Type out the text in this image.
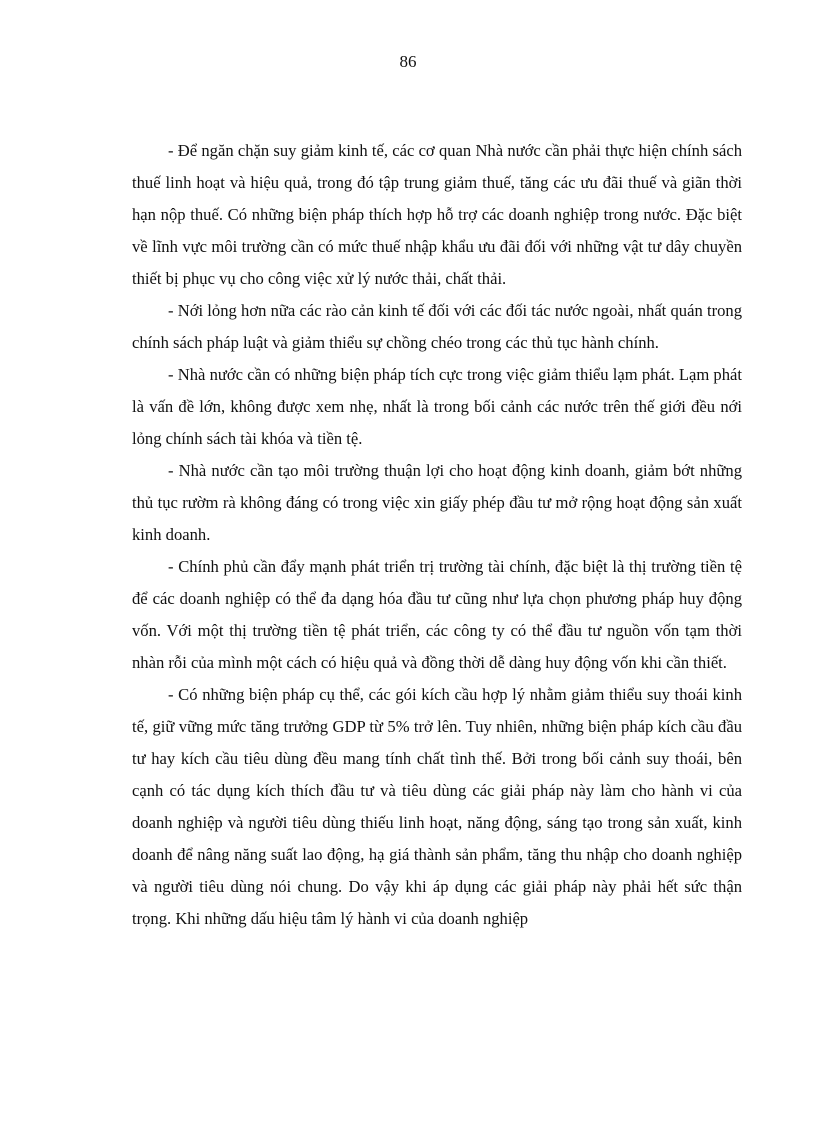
86

- Để ngăn chặn suy giảm kinh tế, các cơ quan Nhà nước cần phải thực hiện chính sách thuế linh hoạt và hiệu quả, trong đó tập trung giảm thuế, tăng các ưu đãi thuế và giãn thời hạn nộp thuế. Có những biện pháp thích hợp hỗ trợ các doanh nghiệp trong nước. Đặc biệt về lĩnh vực môi trường cần có mức thuế nhập khẩu ưu đãi đối với những vật tư dây chuyền thiết bị phục vụ cho công việc xử lý nước thải, chất thải.

- Nới lỏng hơn nữa các rào cản kinh tế đối với các đối tác nước ngoài, nhất quán trong chính sách pháp luật và giảm thiểu sự chồng chéo trong các thủ tục hành chính.

- Nhà nước cần có những biện pháp tích cực trong việc giảm thiểu lạm phát. Lạm phát là vấn đề lớn, không được xem nhẹ, nhất là trong bối cảnh các nước trên thế giới đều nới lỏng chính sách tài khóa và tiền tệ.

- Nhà nước cần tạo môi trường thuận lợi cho hoạt động kinh doanh, giảm bớt những thủ tục rườm rà không đáng có trong việc xin giấy phép đầu tư mở rộng hoạt động sản xuất kinh doanh.

- Chính phủ cần đẩy mạnh phát triển trị trường tài chính, đặc biệt là thị trường tiền tệ để các doanh nghiệp có thể đa dạng hóa đầu tư cũng như lựa chọn phương pháp huy động vốn. Với một thị trường tiền tệ phát triển, các công ty có thể đầu tư nguồn vốn tạm thời nhàn rỗi của mình một cách có hiệu quả và đồng thời dễ dàng huy động vốn khi cần thiết.

- Có những biện pháp cụ thể, các gói kích cầu hợp lý nhằm giảm thiểu suy thoái kinh tế, giữ vững mức tăng trưởng GDP từ 5% trở lên. Tuy nhiên, những biện pháp kích cầu đầu tư hay kích cầu tiêu dùng đều mang tính chất tình thế. Bởi trong bối cảnh suy thoái, bên cạnh có tác dụng kích thích đầu tư và tiêu dùng các giải pháp này làm cho hành vi của doanh nghiệp và người tiêu dùng thiếu linh hoạt, năng động, sáng tạo trong sản xuất, kinh doanh để nâng năng suất lao động, hạ giá thành sản phẩm, tăng thu nhập cho doanh nghiệp và người tiêu dùng nói chung. Do vậy khi áp dụng các giải pháp này phải hết sức thận trọng. Khi những dấu hiệu tâm lý hành vi của doanh nghiệp
